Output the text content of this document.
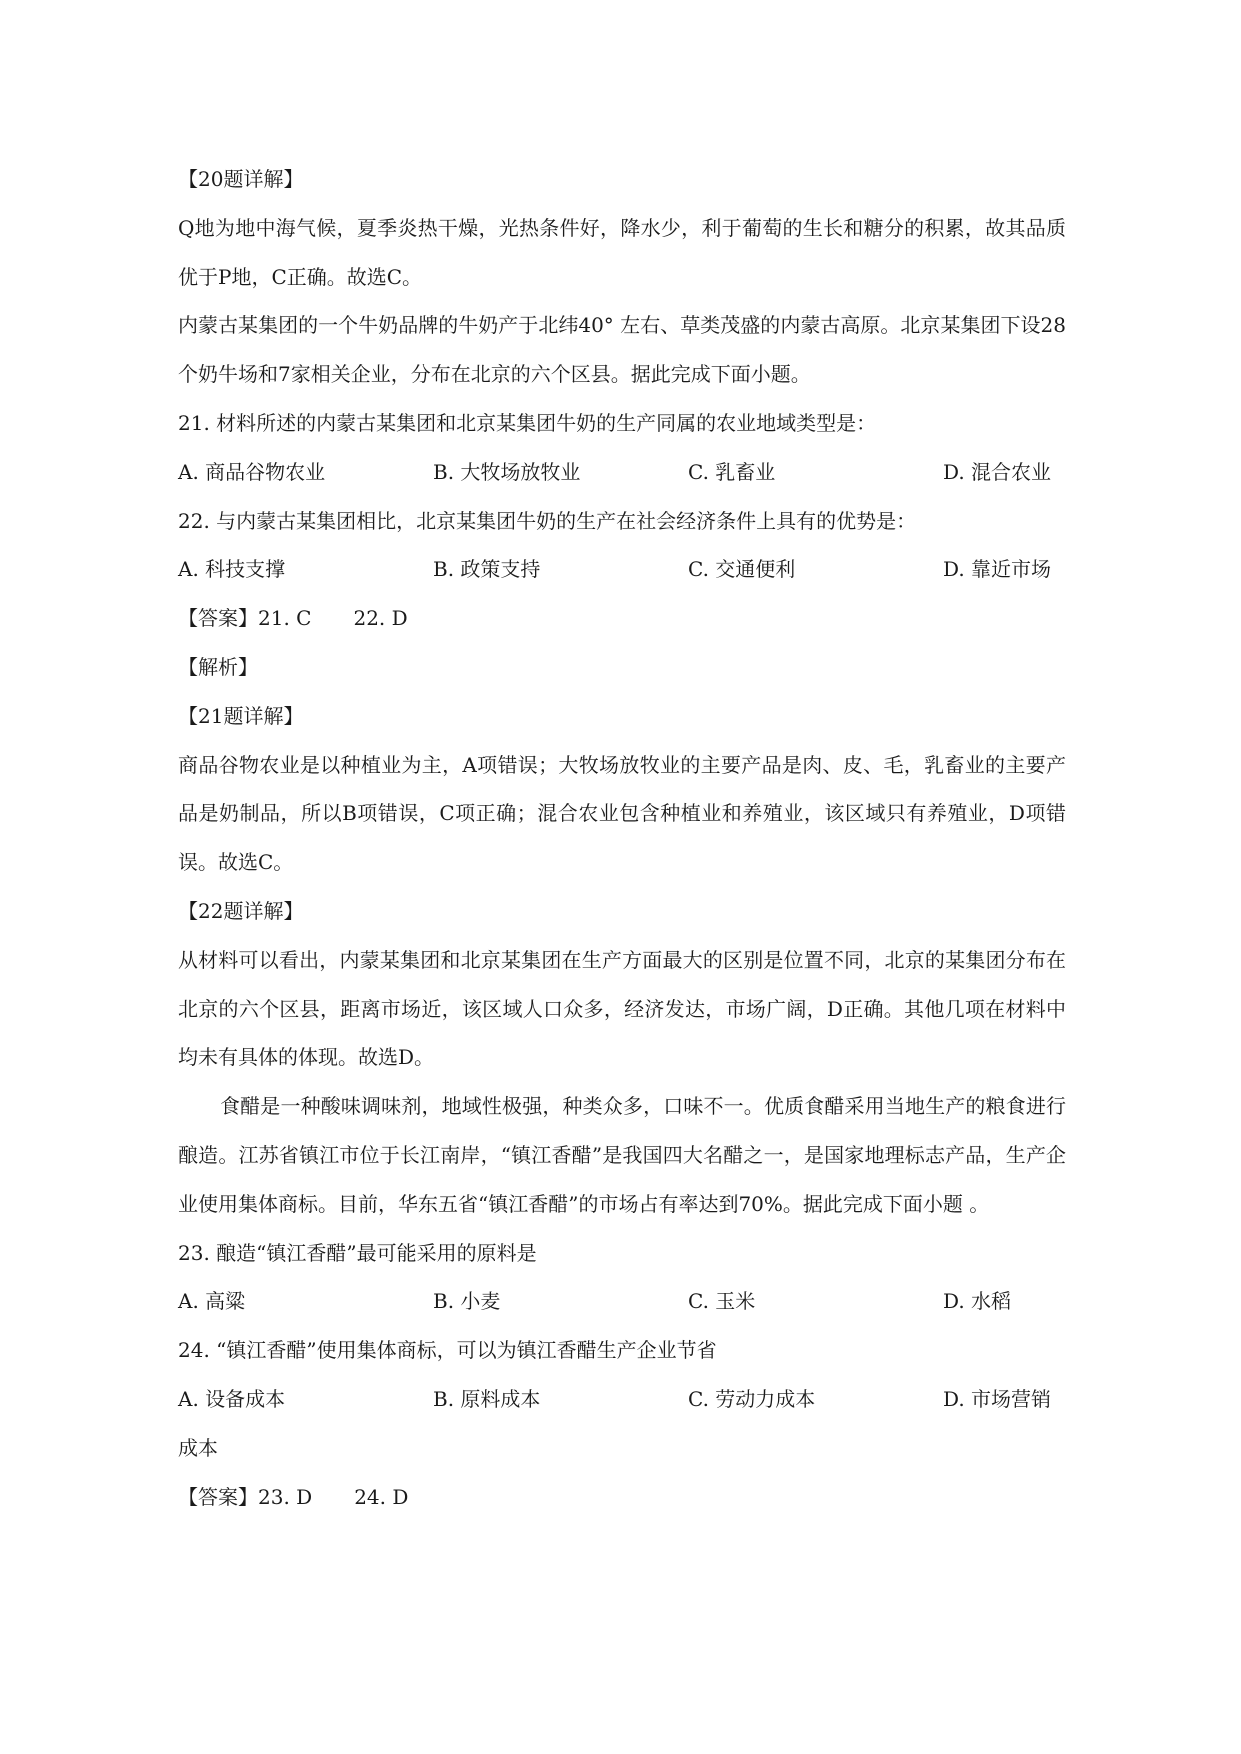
【20题详解】
Q地为地中海气候，夏季炎热干燥，光热条件好，降水少，利于葡萄的生长和糖分的积累，故其品质优于P地，C正确。故选C。
内蒙古某集团的一个牛奶品牌的牛奶产于北纬40° 左右、草类茂盛的内蒙古高原。北京某集团下设28个奶牛场和7家相关企业，分布在北京的六个区县。据此完成下面小题。
21. 材料所述的内蒙古某集团和北京某集团牛奶的生产同属的农业地域类型是：
A. 商品谷物农业	B. 大牧场放牧业	C. 乳畜业	D. 混合农业
22. 与内蒙古某集团相比，北京某集团牛奶的生产在社会经济条件上具有的优势是：
A. 科技支撑	B. 政策支持	C. 交通便利	D. 靠近市场
【答案】21. C 22. D
【解析】
【21题详解】
商品谷物农业是以种植业为主，A项错误；大牧场放牧业的主要产品是肉、皮、毛，乳畜业的主要产品是奶制品，所以B项错误，C项正确；混合农业包含种植业和养殖业，该区域只有养殖业，D项错误。故选C。
【22题详解】
从材料可以看出，内蒙某集团和北京某集团在生产方面最大的区别是位置不同，北京的某集团分布在北京的六个区县，距离市场近，该区域人口众多，经济发达，市场广阔，D正确。其他几项在材料中均未有具体的体现。故选D。
食醋是一种酸味调味剂，地域性极强，种类众多，口味不一。优质食醋采用当地生产的粮食进行酿造。江苏省镇江市位于长江南岸，“镇江香醋”是我国四大名醋之一，是国家地理标志产品，生产企业使用集体商标。目前，华东五省“镇江香醋”的市场占有率达到70%。据此完成下面小题 。
23. 酿造“镇江香醋”最可能采用的原料是
A. 高粱	B. 小麦	C. 玉米	D. 水稻
24. “镇江香醋”使用集体商标，可以为镇江香醋生产企业节省
A. 设备成本	B. 原料成本	C. 劳动力成本	D. 市场营销
成本
【答案】23. D 24. D
